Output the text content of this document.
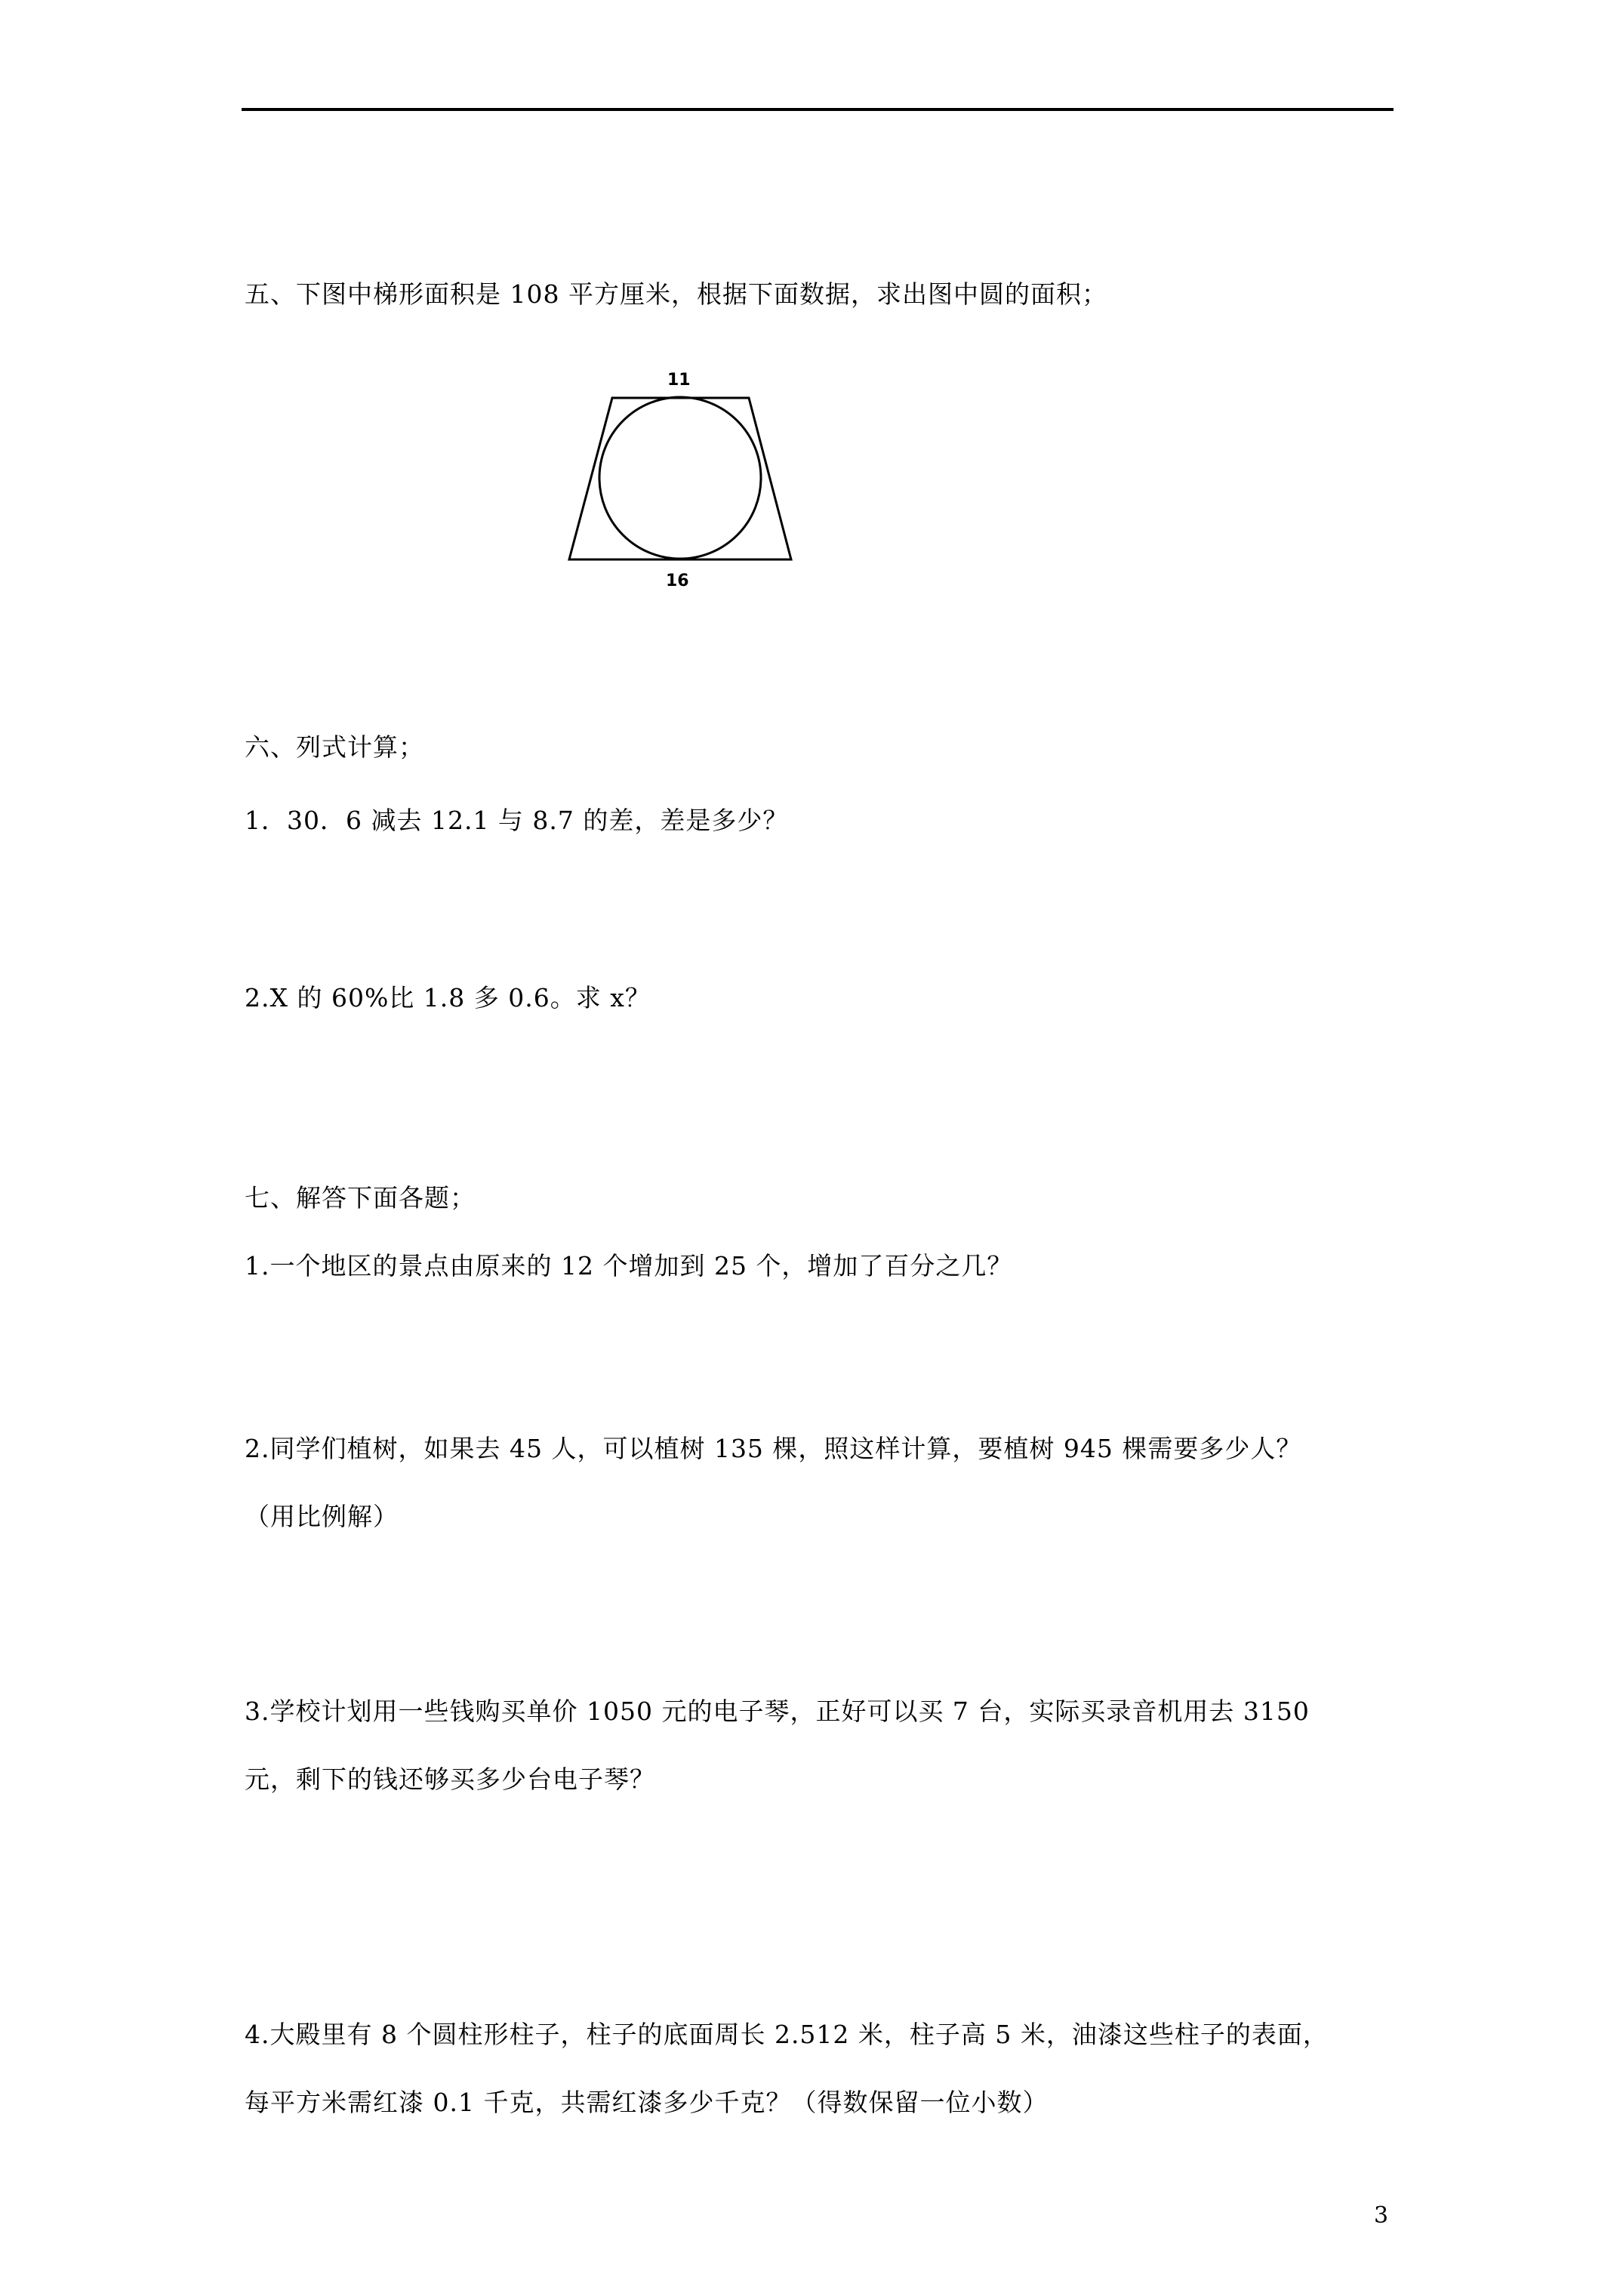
五、下图中梯形面积是 108 平方厘米，根据下面数据，求出图中圆的面积；
11
16
六、列式计算；
1．30．6 减去 12.1 与 8.7 的差，差是多少？
2.X 的 60%比 1.8 多 0.6。求 x？
七、解答下面各题；
1.一个地区的景点由原来的 12 个增加到 25 个，增加了百分之几？
2.同学们植树，如果去 45 人，可以植树 135 棵，照这样计算，要植树 945 棵需要多少人？
（用比例解）
3.学校计划用一些钱购买单价 1050 元的电子琴，正好可以买 7 台，实际买录音机用去 3150
元，剩下的钱还够买多少台电子琴？
4.大殿里有 8 个圆柱形柱子，柱子的底面周长 2.512 米，柱子高 5 米，油漆这些柱子的表面，
每平方米需红漆 0.1 千克，共需红漆多少千克？（得数保留一位小数）
3
